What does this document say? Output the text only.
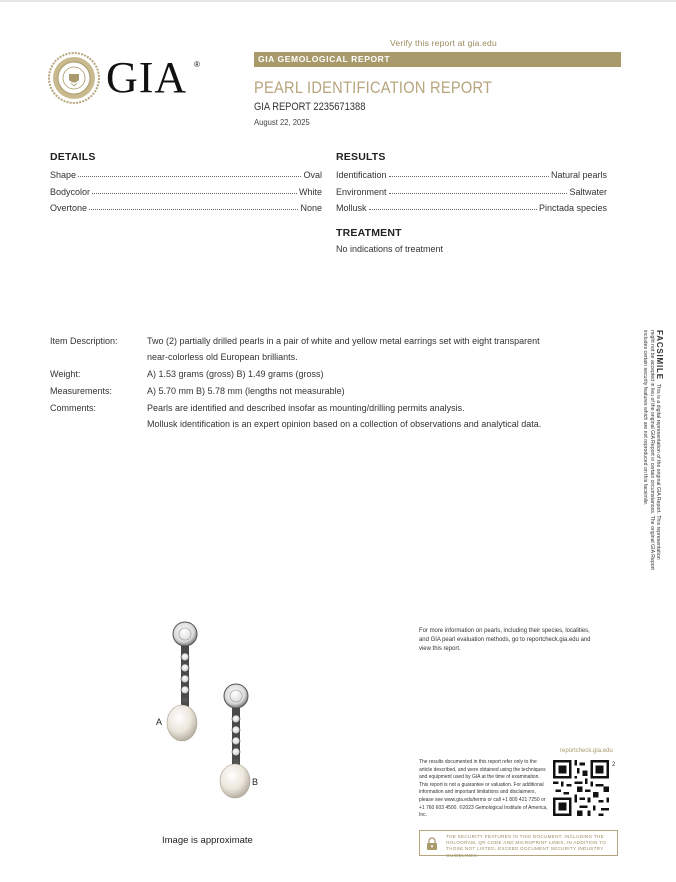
Verify this report at gia.edu
GIA ®
GIA GEMOLOGICAL REPORT
PEARL IDENTIFICATION REPORT
GIA REPORT 2235671388
August 22, 2025
DETAILS
Shape	Oval
Bodycolor	White
Overtone	None
RESULTS
Identification	Natural pearls
Environment	Saltwater
Mollusk	Pinctada species
TREATMENT
No indications of treatment
Item Description:	Two (2) partially drilled pearls in a pair of white and yellow metal earrings set with eight transparent
near-colorless old European brilliants.
Weight:	A) 1.53 grams (gross) B) 1.49 grams (gross)
Measurements:	A) 5.70 mm B) 5.78 mm (lengths not measurable)
Comments:	Pearls are identified and described insofar as mounting/drilling permits analysis.
Mollusk identification is an expert opinion based on a collection of observations and analytical data.
FACSIMILEThis is a digital representation of the original GIA Report. This representation might not be accepted in lieu of the original GIA Report in certain circumstances. The original GIA Report includes certain security features which are not reproduced on this facsimile.
A
B
Image is approximate
For more information on pearls, including their species, localities, and GIA pearl evaluation methods, go to reportcheck.gia.edu and view this report.
reportcheck.gia.edu
The results documented in this report refer only to the article described, and were obtained using the techniques and equipment used by GIA at the time of examination. This report is not a guarantee or valuation. For additional information and important limitations and disclaimers, please see www.gia.edu/terms or call +1 800 421 7250 or +1 760 603 4500. ©2023 Gemological Institute of America, Inc.
2
THE SECURITY FEATURES IN THIS DOCUMENT, INCLUDING THE HOLOGRAM, QR CODE AND MICROPRINT LINES, IN ADDITION TO THOSE NOT LISTED, EXCEED DOCUMENT SECURITY INDUSTRY GUIDELINES.
